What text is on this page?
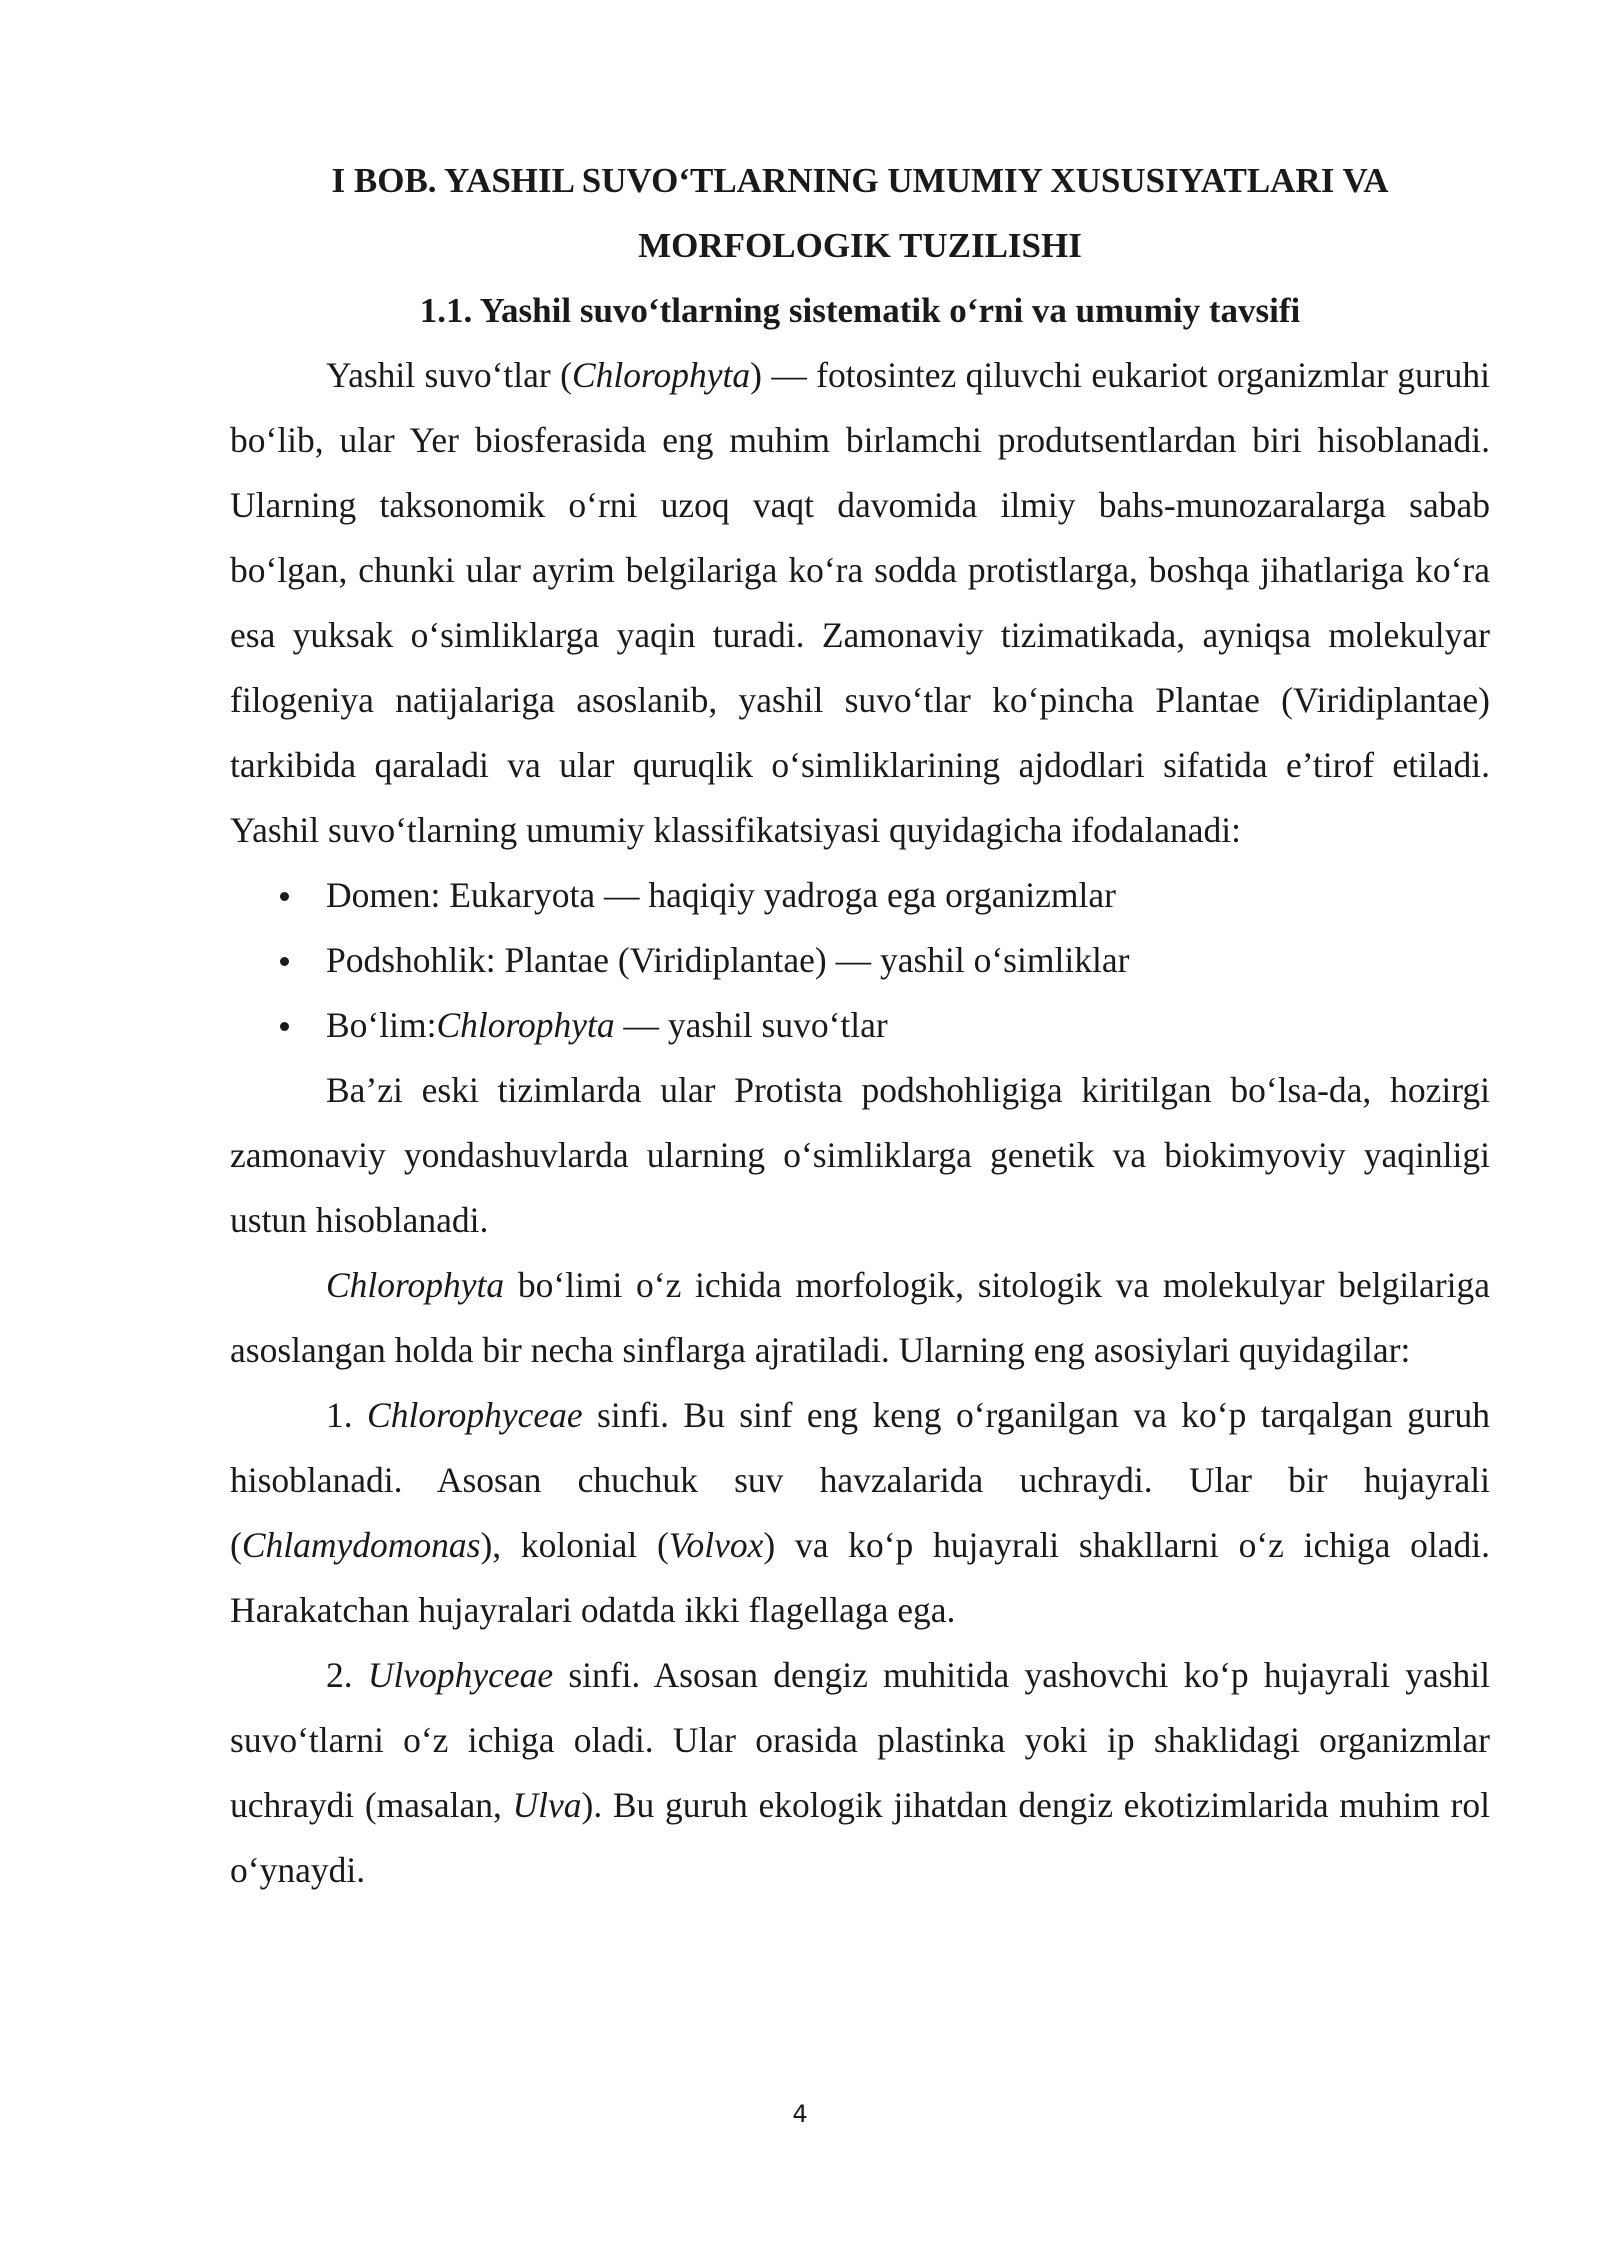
I BOB. YASHIL SUVO‘TLARNING UMUMIY XUSUSIYATLARI VA
MORFOLOGIK TUZILISHI
1.1. Yashil suvo‘tlarning sistematik o‘rni va umumiy tavsifi

Yashil suvo‘tlar (Chlorophyta) — fotosintez qiluvchi eukariot organizmlar guruhi bo‘lib, ular Yer biosferasida eng muhim birlamchi produtsentlardan biri hisoblanadi. Ularning taksonomik o‘rni uzoq vaqt davomida ilmiy bahs-munozaralarga sabab bo‘lgan, chunki ular ayrim belgilariga ko‘ra sodda protistlarga, boshqa jihatlariga ko‘ra esa yuksak o‘simliklarga yaqin turadi. Zamonaviy tizimatikada, ayniqsa molekulyar filogeniya natijalariga asoslanib, yashil suvo‘tlar ko‘pincha Plantae (Viridiplantae) tarkibida qaraladi va ular quruqlik o‘simliklarining ajdodlari sifatida e’tirof etiladi. Yashil suvo‘tlarning umumiy klassifikatsiyasi quyidagicha ifodalanadi:

Domen: Eukaryota — haqiqiy yadroga ega organizmlar
Podshohlik: Plantae (Viridiplantae) — yashil o‘simliklar
Bo‘lim:Chlorophyta — yashil suvo‘tlar

Ba’zi eski tizimlarda ular Protista podshohligiga kiritilgan bo‘lsa-da, hozirgi zamonaviy yondashuvlarda ularning o‘simliklarga genetik va biokimyoviy yaqinligi ustun hisoblanadi.

Chlorophyta bo‘limi o‘z ichida morfologik, sitologik va molekulyar belgilariga asoslangan holda bir necha sinflarga ajratiladi. Ularning eng asosiylari quyidagilar:

1. Chlorophyceae sinfi. Bu sinf eng keng o‘rganilgan va ko‘p tarqalgan guruh hisoblanadi. Asosan chuchuk suv havzalarida uchraydi. Ular bir hujayrali (Chlamydomonas), kolonial (Volvox) va ko‘p hujayrali shakllarni o‘z ichiga oladi. Harakatchan hujayralari odatda ikki flagellaga ega.

2. Ulvophyceae sinfi. Asosan dengiz muhitida yashovchi ko‘p hujayrali yashil suvo‘tlarni o‘z ichiga oladi. Ular orasida plastinka yoki ip shaklidagi organizmlar uchraydi (masalan, Ulva). Bu guruh ekologik jihatdan dengiz ekotizimlarida muhim rol o‘ynaydi.

4
